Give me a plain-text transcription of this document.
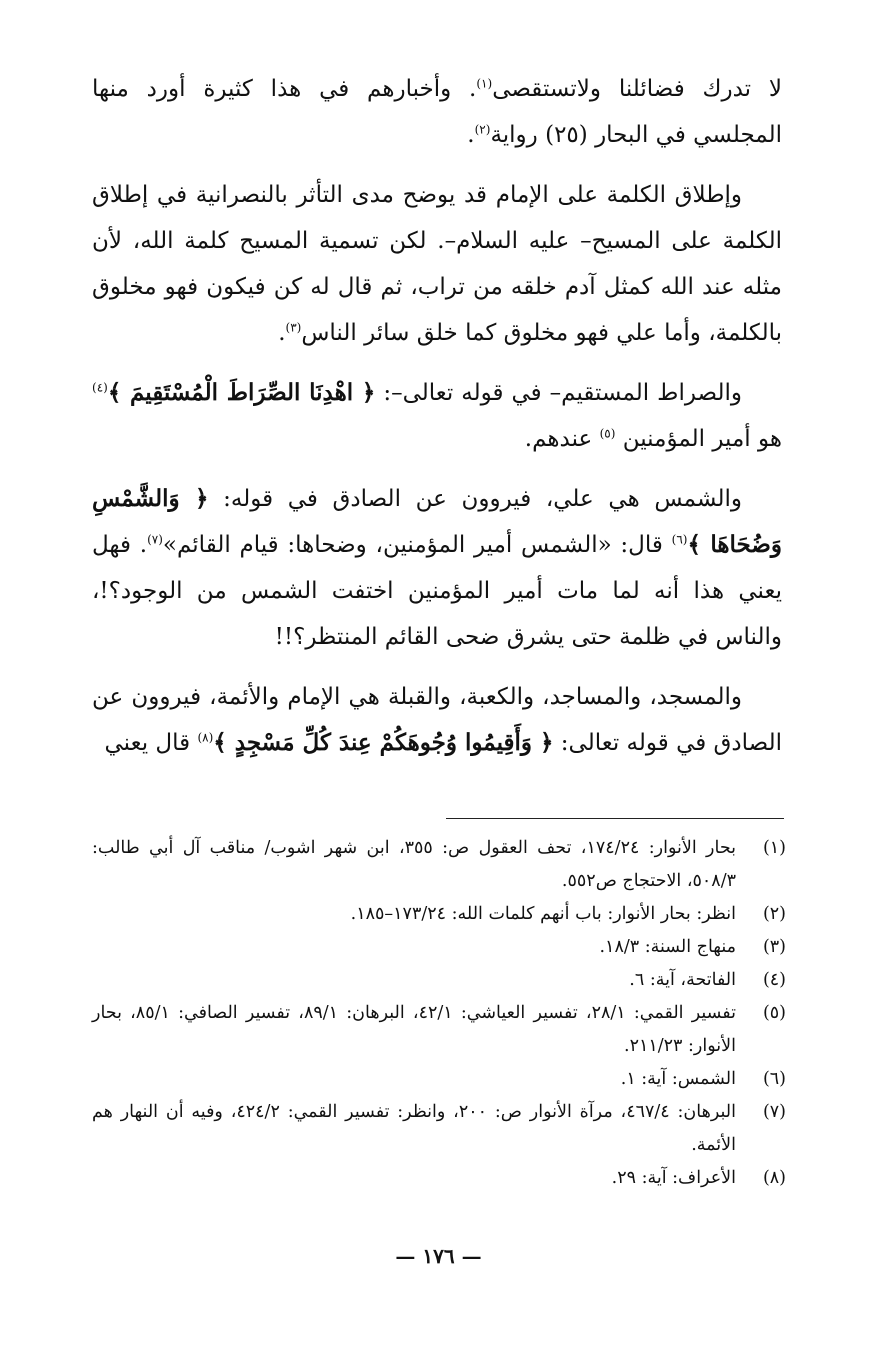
لا تدرك فضائلنا ولاتستقصى$^{(١)}$. وأخبارهم في هذا كثيرة أورد منها المجلسي في البحار (٢٥) رواية$^{(٢)}$.

وإطلاق الكلمة على الإمام قد يوضح مدى التأثر بالنصرانية في إطلاق الكلمة على المسيح– عليه السلام–. لكن تسمية المسيح كلمة الله، لأن مثله عند الله كمثل آدم خلقه من تراب، ثم قال له كن فيكون فهو مخلوق بالكلمة، وأما علي فهو مخلوق كما خلق سائر الناس$^{(٣)}$.

والصراط المستقيم– في قوله تعالى–: ﴿ اهْدِنَا الصِّرَاطَ الْمُسْتَقِيمَ ﴾$^{(٤)}$ هو أمير المؤمنين $^{(٥)}$ عندهم.

والشمس هي علي، فيروون عن الصادق في قوله: ﴿ وَالشَّمْسِ وَضُحَاهَا ﴾$^{(٦)}$ قال: «الشمس أمير المؤمنين، وضحاها: قيام القائم»$^{(٧)}$. فهل يعني هذا أنه لما مات أمير المؤمنين اختفت الشمس من الوجود؟!، والناس في ظلمة حتى يشرق ضحى القائم المنتظر؟!!

والمسجد، والمساجد، والكعبة، والقبلة هي الإمام والأئمة، فيروون عن الصادق في قوله تعالى: ﴿ وَأَقِيمُوا وُجُوهَكُمْ عِندَ كُلِّ مَسْجِدٍ ﴾$^{(٨)}$ قال يعني

(١)
بحار الأنوار: ١٧٤/٢٤، تحف العقول ص: ٣٥٥، ابن شهر اشوب/ مناقب آل أبي طالب: ٥٠٨/٣، الاحتجاج ص٥٥٢.
(٢)
انظر: بحار الأنوار: باب أنهم كلمات الله: ١٧٣/٢٤–١٨٥.
(٣)
منهاج السنة: ١٨/٣.
(٤)
الفاتحة، آية: ٦.
(٥)
تفسير القمي: ٢٨/١، تفسير العياشي: ٤٢/١، البرهان: ٨٩/١، تفسير الصافي: ٨٥/١، بحار الأنوار: ٢١١/٢٣.
(٦)
الشمس: آية: ١.
(٧)
البرهان: ٤٦٧/٤، مرآة الأنوار ص: ٢٠٠، وانظر: تفسير القمي: ٤٢٤/٢، وفيه أن النهار هم الأئمة.
(٨)
الأعراف: آية: ٢٩.
— ١٧٦ —
